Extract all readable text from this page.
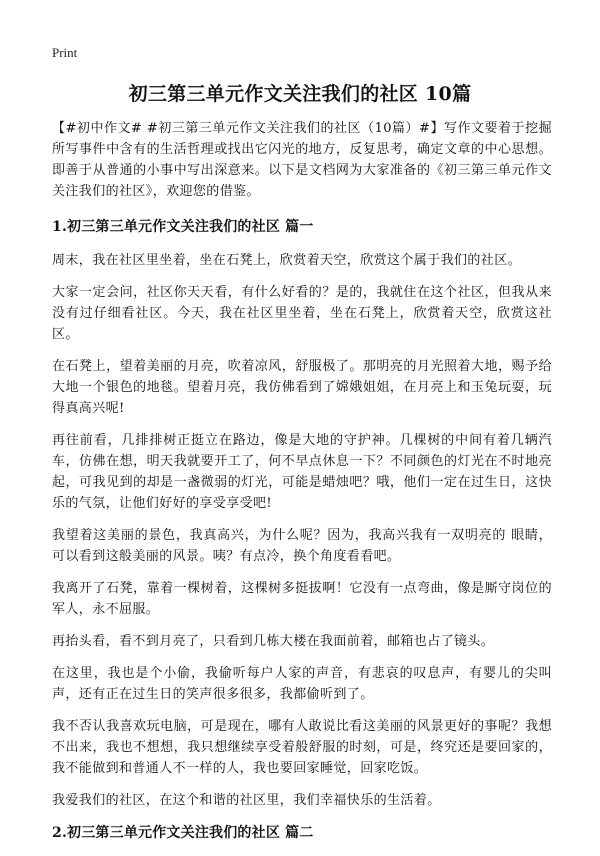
Print
初三第三单元作文关注我们的社区 10篇

【#初中作文# #初三第三单元作文关注我们的社区（10篇）#】写作文要着于挖掘所写事件中含有的生活哲理或找出它闪光的地方，反复思考，确定文章的中心思想。即善于从普通的小事中写出深意来。以下是文档网为大家准备的《初三第三单元作文关注我们的社区》，欢迎您的借鉴。

1.初三第三单元作文关注我们的社区 篇一

周末，我在社区里坐着，坐在石凳上，欣赏着天空，欣赏这个属于我们的社区。

大家一定会问，社区你天天看，有什么好看的？是的，我就住在这个社区，但我从来没有过仔细看社区。今天，我在社区里坐着，坐在石凳上，欣赏着天空，欣赏这社区。

在石凳上，望着美丽的月亮，吹着凉风，舒服极了。那明亮的月光照着大地，赐予给大地一个银色的地毯。望着月亮，我仿佛看到了嫦娥姐姐，在月亮上和玉兔玩耍，玩得真高兴呢!

再往前看，几排排树正挺立在路边，像是大地的守护神。几棵树的中间有着几辆汽车，仿佛在想，明天我就要开工了，何不早点休息一下？不同颜色的灯光在不时地亮起，可我见到的却是一盏微弱的灯光，可能是蜡烛吧？哦，他们一定在过生日，这快乐的气氛，让他们好好的享受享受吧!

我望着这美丽的景色，我真高兴，为什么呢？因为，我高兴我有一双明亮的 眼睛，可以看到这般美丽的风景。咦？有点冷，换个角度看看吧。

我离开了石凳，靠着一棵树着，这棵树多挺拔啊！它没有一点弯曲，像是厮守岗位的军人，永不屈服。

再抬头看，看不到月亮了，只看到几栋大楼在我面前着，邮箱也占了镜头。

在这里，我也是个小偷，我偷听每户人家的声音，有悲哀的叹息声，有婴儿的尖叫声，还有正在过生日的笑声很多很多，我都偷听到了。

我不否认我喜欢玩电脑，可是现在，哪有人敢说比看这美丽的风景更好的事呢？我想不出来，我也不想想，我只想继续享受着般舒服的时刻，可是，终究还是要回家的，我不能做到和普通人不一样的人，我也要回家睡觉，回家吃饭。

我爱我们的社区，在这个和谐的社区里，我们幸福快乐的生活着。

2.初三第三单元作文关注我们的社区 篇二
